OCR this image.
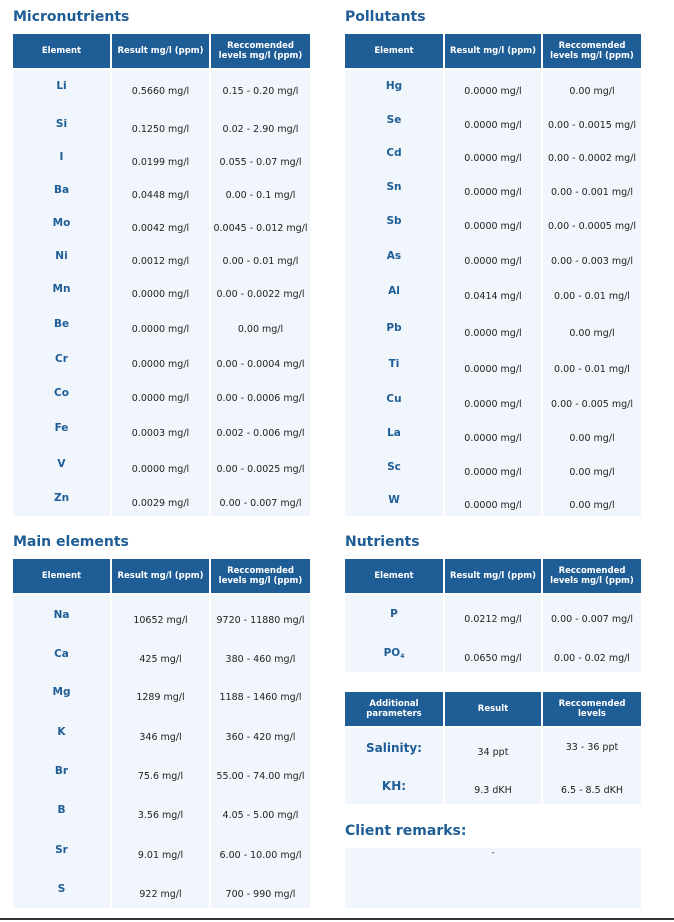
Micronutrients
Element	Result mg/l (ppm)	Reccomended levels mg/l (ppm)
Li	0.5660 mg/l	0.15 - 0.20 mg/l
Si	0.1250 mg/l	0.02 - 2.90 mg/l
I	0.0199 mg/l	0.055 - 0.07 mg/l
Ba	0.0448 mg/l	0.00 - 0.1 mg/l
Mo	0.0042 mg/l	0.0045 - 0.012 mg/l
Ni	0.0012 mg/l	0.00 - 0.01 mg/l
Mn	0.0000 mg/l	0.00 - 0.0022 mg/l
Be	0.0000 mg/l	0.00 mg/l
Cr	0.0000 mg/l	0.00 - 0.0004 mg/l
Co	0.0000 mg/l	0.00 - 0.0006 mg/l
Fe	0.0003 mg/l	0.002 - 0.006 mg/l
V	0.0000 mg/l	0.00 - 0.0025 mg/l
Zn	0.0029 mg/l	0.00 - 0.007 mg/l
Pollutants
Element	Result mg/l (ppm)	Reccomended levels mg/l (ppm)
Hg	0.0000 mg/l	0.00 mg/l
Se	0.0000 mg/l	0.00 - 0.0015 mg/l
Cd	0.0000 mg/l	0.00 - 0.0002 mg/l
Sn	0.0000 mg/l	0.00 - 0.001 mg/l
Sb	0.0000 mg/l	0.00 - 0.0005 mg/l
As	0.0000 mg/l	0.00 - 0.003 mg/l
Al	0.0414 mg/l	0.00 - 0.01 mg/l
Pb	0.0000 mg/l	0.00 mg/l
Ti	0.0000 mg/l	0.00 - 0.01 mg/l
Cu	0.0000 mg/l	0.00 - 0.005 mg/l
La	0.0000 mg/l	0.00 mg/l
Sc	0.0000 mg/l	0.00 mg/l
W	0.0000 mg/l	0.00 mg/l
Main elements
Element	Result mg/l (ppm)	Reccomended levels mg/l (ppm)
Na	10652 mg/l	9720 - 11880 mg/l
Ca	425 mg/l	380 - 460 mg/l
Mg	1289 mg/l	1188 - 1460 mg/l
K	346 mg/l	360 - 420 mg/l
Br	75.6 mg/l	55.00 - 74.00 mg/l
B	3.56 mg/l	4.05 - 5.00 mg/l
Sr	9.01 mg/l	6.00 - 10.00 mg/l
S	922 mg/l	700 - 990 mg/l
Nutrients
Element	Result mg/l (ppm)	Reccomended levels mg/l (ppm)
P	0.0212 mg/l	0.00 - 0.007 mg/l
$PO_4$	0.0650 mg/l	0.00 - 0.02 mg/l
Additional parameters	Result	Reccomended levels
Salinity:	34 ppt	33 - 36 ppt
KH:	9.3 dKH	6.5 - 8.5 dKH
Client remarks:
-
